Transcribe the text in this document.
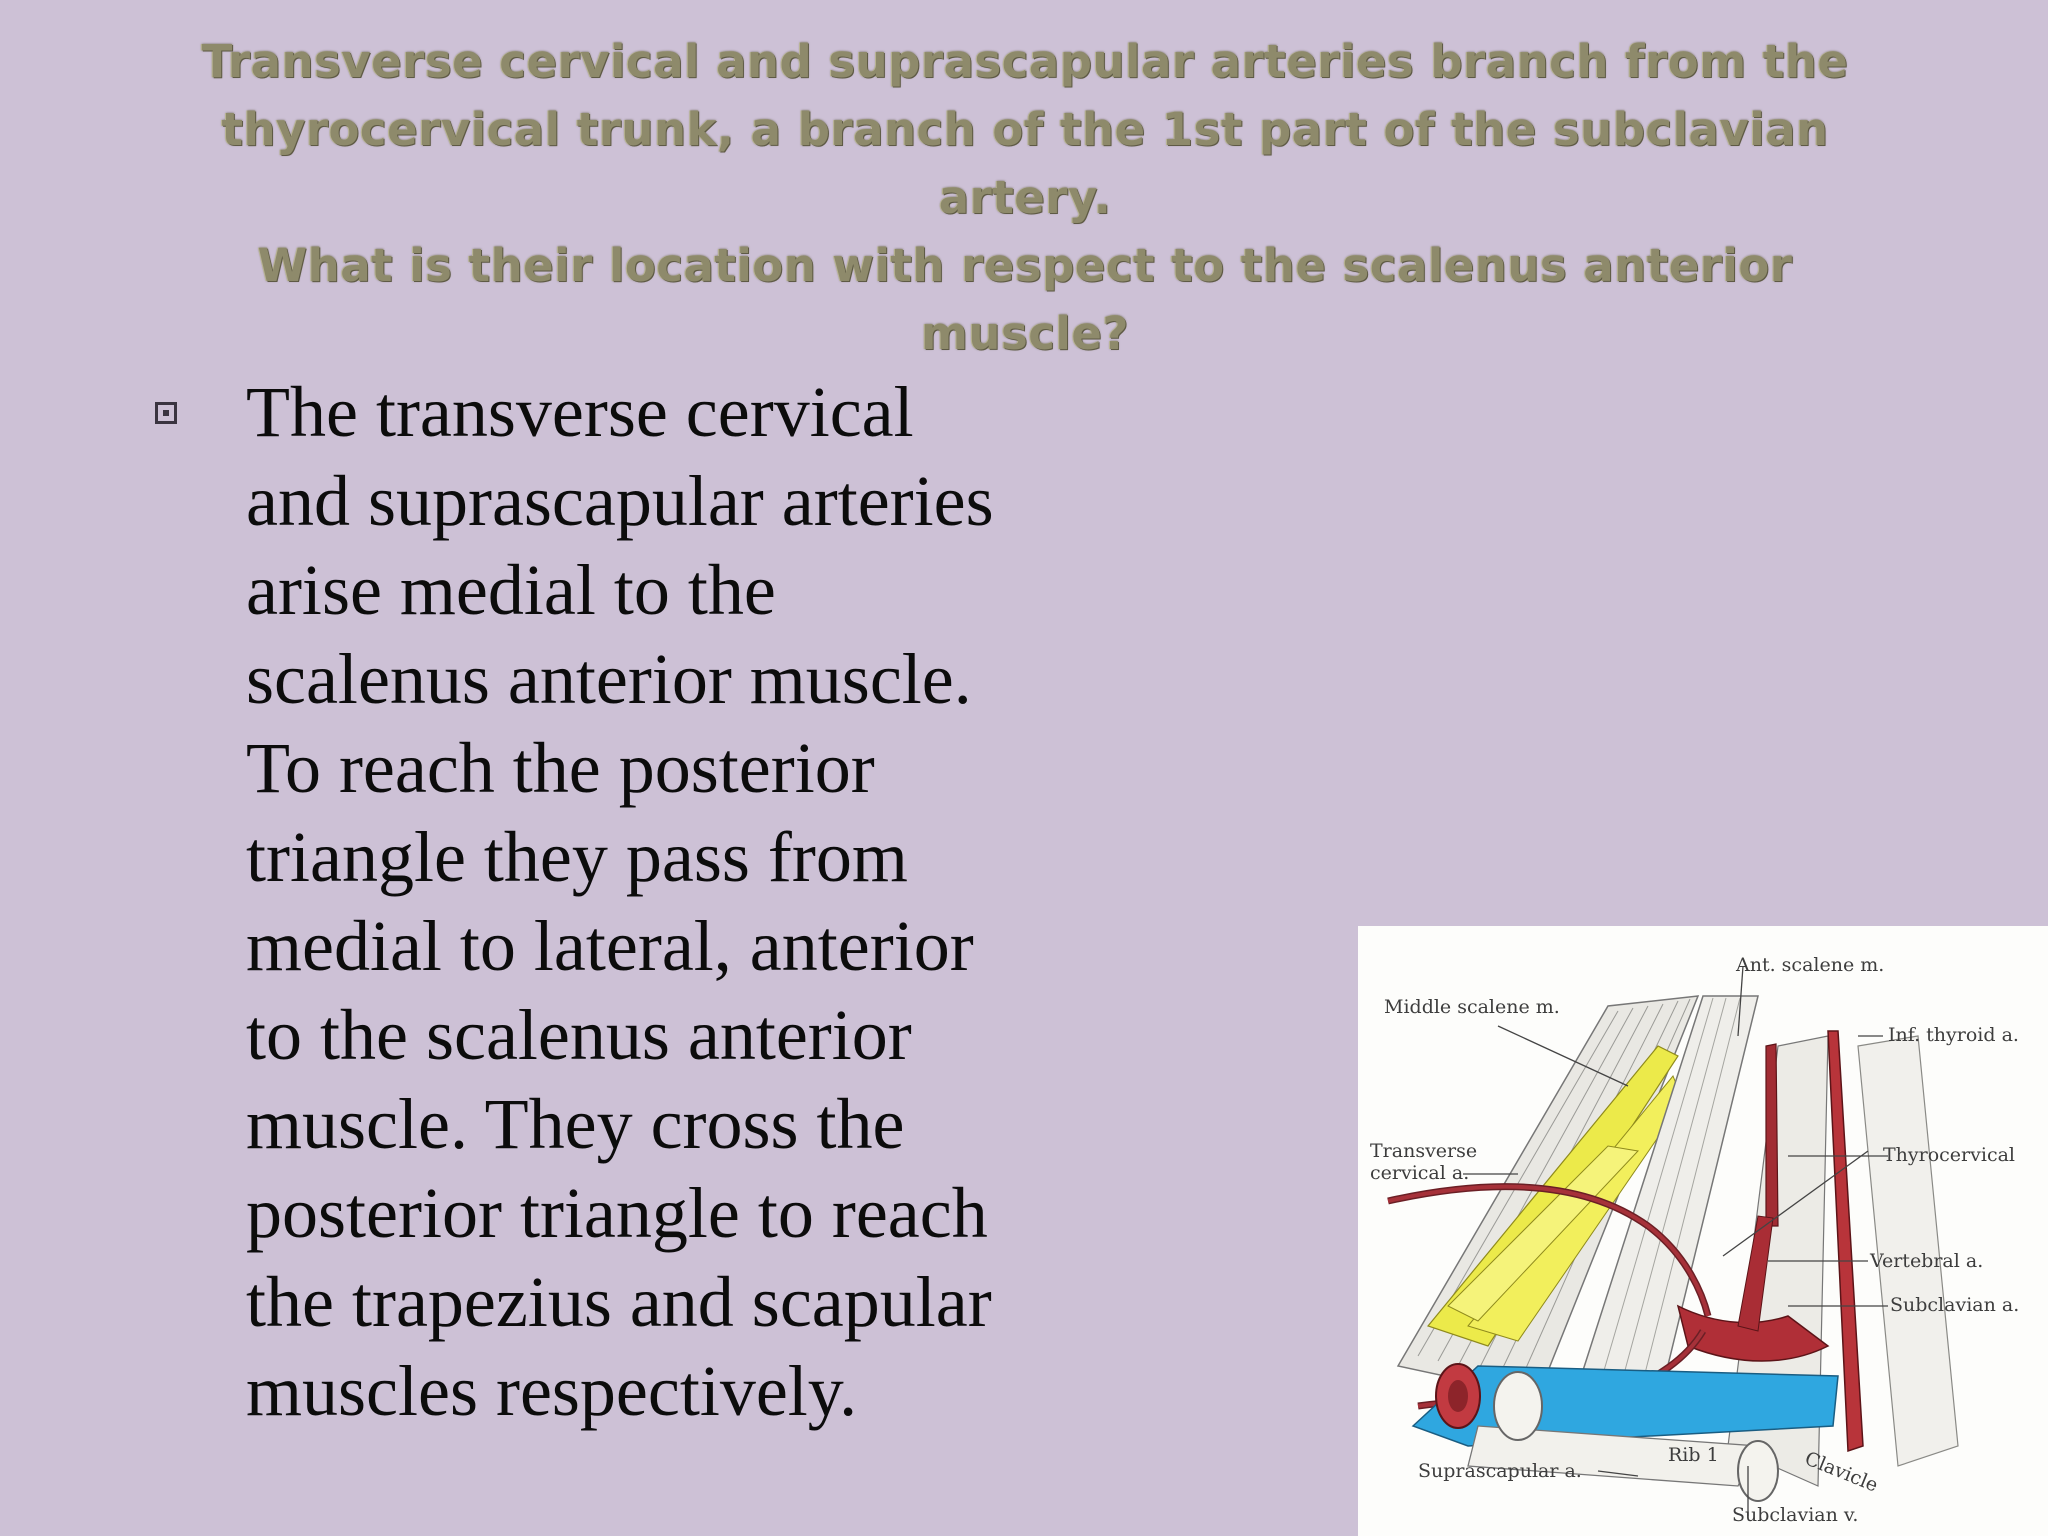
Transverse cervical and suprascapular arteries branch from the
thyrocervical trunk, a branch of the 1st part of the subclavian
artery.
What is their location with respect to the scalenus anterior
muscle?
The transverse cervical
and suprascapular arteries
arise medial to the
scalenus anterior muscle.
To reach the posterior
triangle they pass from
medial to lateral, anterior
to the scalenus anterior
muscle. They cross the
posterior triangle to reach
the trapezius and scapular
muscles respectively.
Ant. scalene m.
Middle scalene m.
Inf. thyroid a.
Transverse
cervical a.
Thyrocervical
Vertebral a.
Subclavian a.
Suprascapular a.
Rib 1	Clavicle
Subclavian v.
